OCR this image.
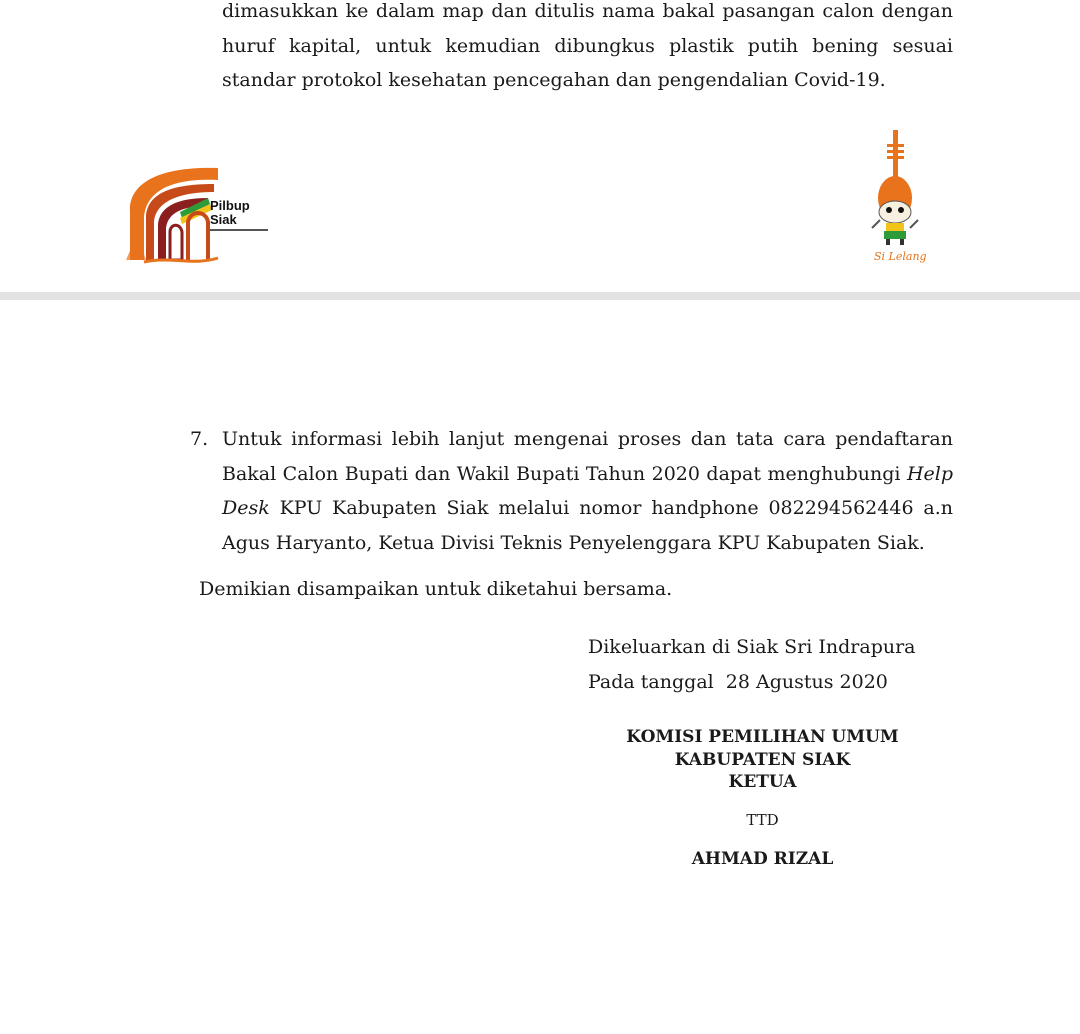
dimasukkan ke dalam map dan ditulis nama bakal pasangan calon dengan huruf kapital, untuk kemudian dibungkus plastik putih bening sesuai standar protokol kesehatan pencegahan dan pengendalian Covid-19.

Pilbup
Siak
Si Lelang
7. Untuk informasi lebih lanjut mengenai proses dan tata cara pendaftaran Bakal Calon Bupati dan Wakil Bupati Tahun 2020 dapat menghubungi Help Desk KPU Kabupaten Siak melalui nomor handphone 082294562446 a.n Agus Haryanto, Ketua Divisi Teknis Penyelenggara KPU Kabupaten Siak.

Demikian disampaikan untuk diketahui bersama.

Dikeluarkan di Siak Sri Indrapura
Pada tanggal  28 Agustus 2020
KOMISI PEMILIHAN UMUM
KABUPATEN SIAK
KETUA
TTD
AHMAD RIZAL
